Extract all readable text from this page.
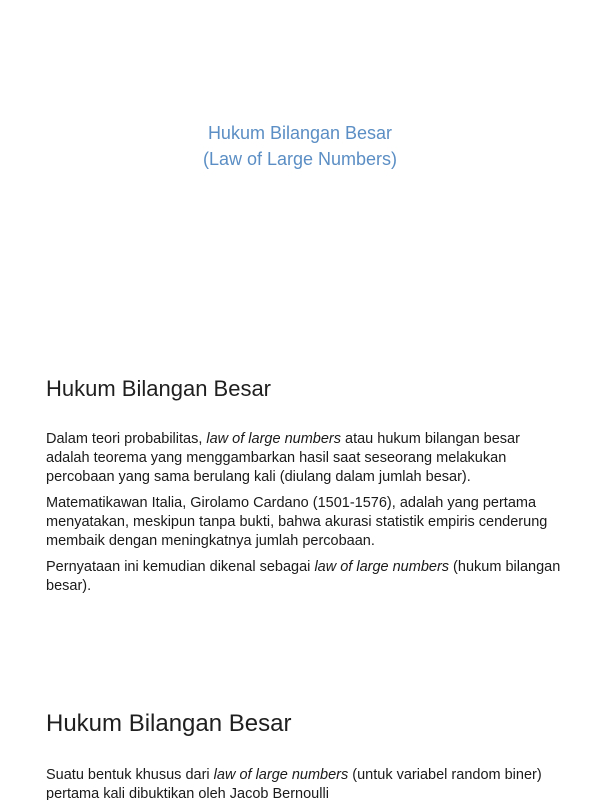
Hukum Bilangan Besar
(Law of Large Numbers)
Hukum Bilangan Besar

Dalam teori probabilitas, law of large numbers atau hukum bilangan besar adalah teorema yang menggambarkan hasil saat seseorang melakukan percobaan yang sama berulang kali (diulang dalam jumlah besar).

Matematikawan Italia, Girolamo Cardano (1501-1576), adalah yang pertama menyatakan, meskipun tanpa bukti, bahwa akurasi statistik empiris cenderung membaik dengan meningkatnya jumlah percobaan.

Pernyataan ini kemudian dikenal sebagai law of large numbers (hukum bilangan besar).

Hukum Bilangan Besar

Suatu bentuk khusus dari law of large numbers (untuk variabel random biner) pertama kali dibuktikan oleh Jacob Bernoulli
